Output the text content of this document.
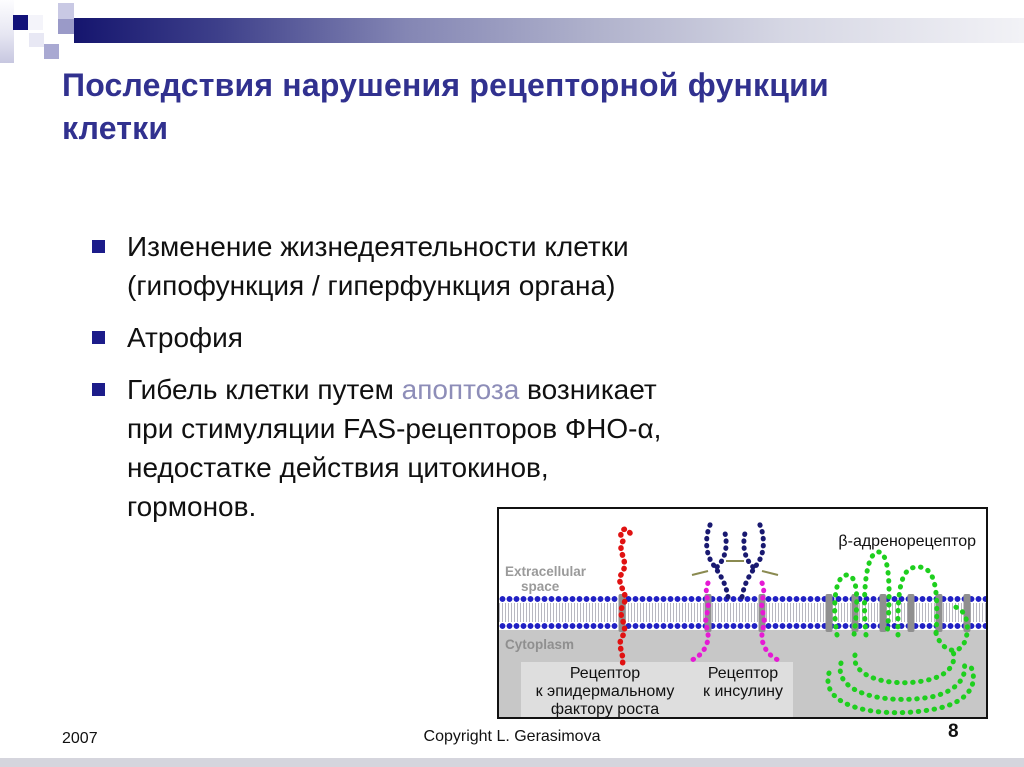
Последствия нарушения рецепторной функции клетки
Изменение жизнедеятельности клетки
(гипофункция / гиперфункция органа)
Атрофия
Гибель клетки путем апоптоза возникает
при стимуляции FAS-рецепторов ФНО-α,
недостатке действия цитокинов,
гормонов.
Extracellular
space
Cytoplasm
β-адренорецептор
Рецептор
к эпидермальному
фактору роста
Рецептор
к инсулину
2007	Copyright L. Gerasimova	8
